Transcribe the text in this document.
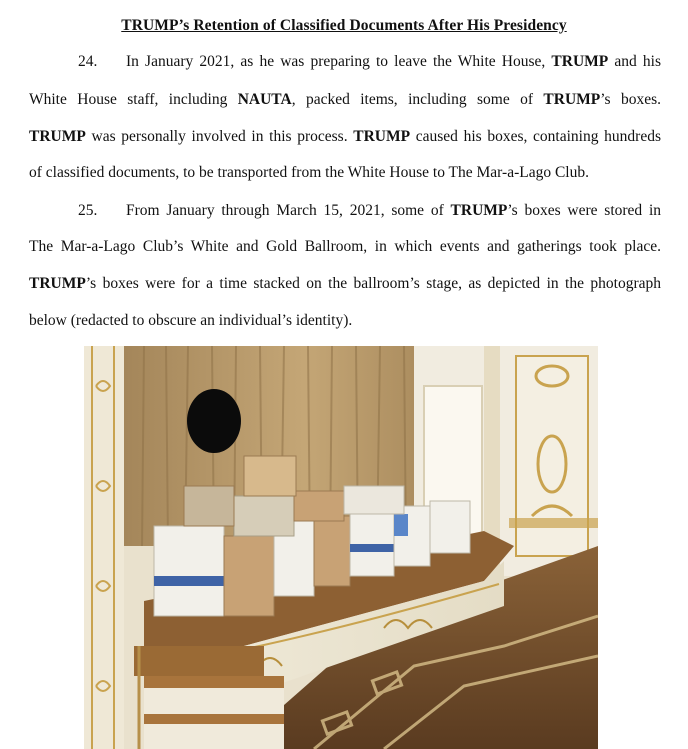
TRUMP’s Retention of Classified Documents After His Presidency
24. In January 2021, as he was preparing to leave the White House, TRUMP and his
White House staff, including NAUTA, packed items, including some of TRUMP’s boxes.
TRUMP was personally involved in this process. TRUMP caused his boxes, containing hundreds
of classified documents, to be transported from the White House to The Mar-a-Lago Club.
25. From January through March 15, 2021, some of TRUMP’s boxes were stored in
The Mar-a-Lago Club’s White and Gold Ballroom, in which events and gatherings took place.
TRUMP’s boxes were for a time stacked on the ballroom’s stage, as depicted in the photograph
below (redacted to obscure an individual’s identity).
